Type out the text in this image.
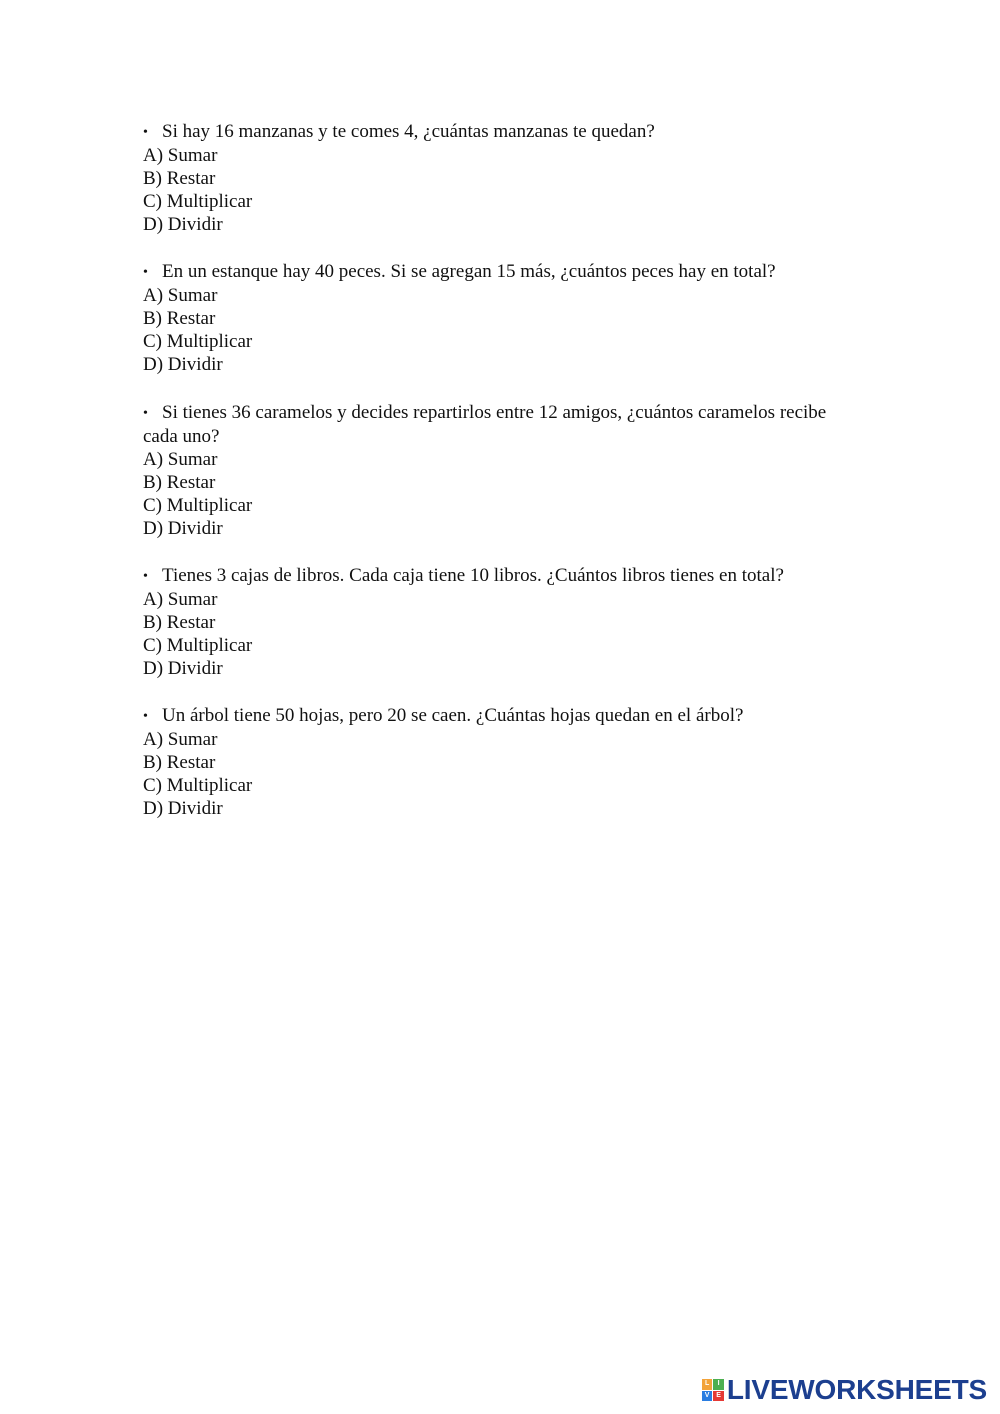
• Si hay 16 manzanas y te comes 4, ¿cuántas manzanas te quedan?
A) Sumar
B) Restar
C) Multiplicar
D) Dividir
• En un estanque hay 40 peces. Si se agregan 15 más, ¿cuántos peces hay en total?
A) Sumar
B) Restar
C) Multiplicar
D) Dividir
• Si tienes 36 caramelos y decides repartirlos entre 12 amigos, ¿cuántos caramelos recibe cada uno?
A) Sumar
B) Restar
C) Multiplicar
D) Dividir
• Tienes 3 cajas de libros. Cada caja tiene 10 libros. ¿Cuántos libros tienes en total?
A) Sumar
B) Restar
C) Multiplicar
D) Dividir
• Un árbol tiene 50 hojas, pero 20 se caen. ¿Cuántas hojas quedan en el árbol?
A) Sumar
B) Restar
C) Multiplicar
D) Dividir
L	I
V E LIVEWORKSHEETS
